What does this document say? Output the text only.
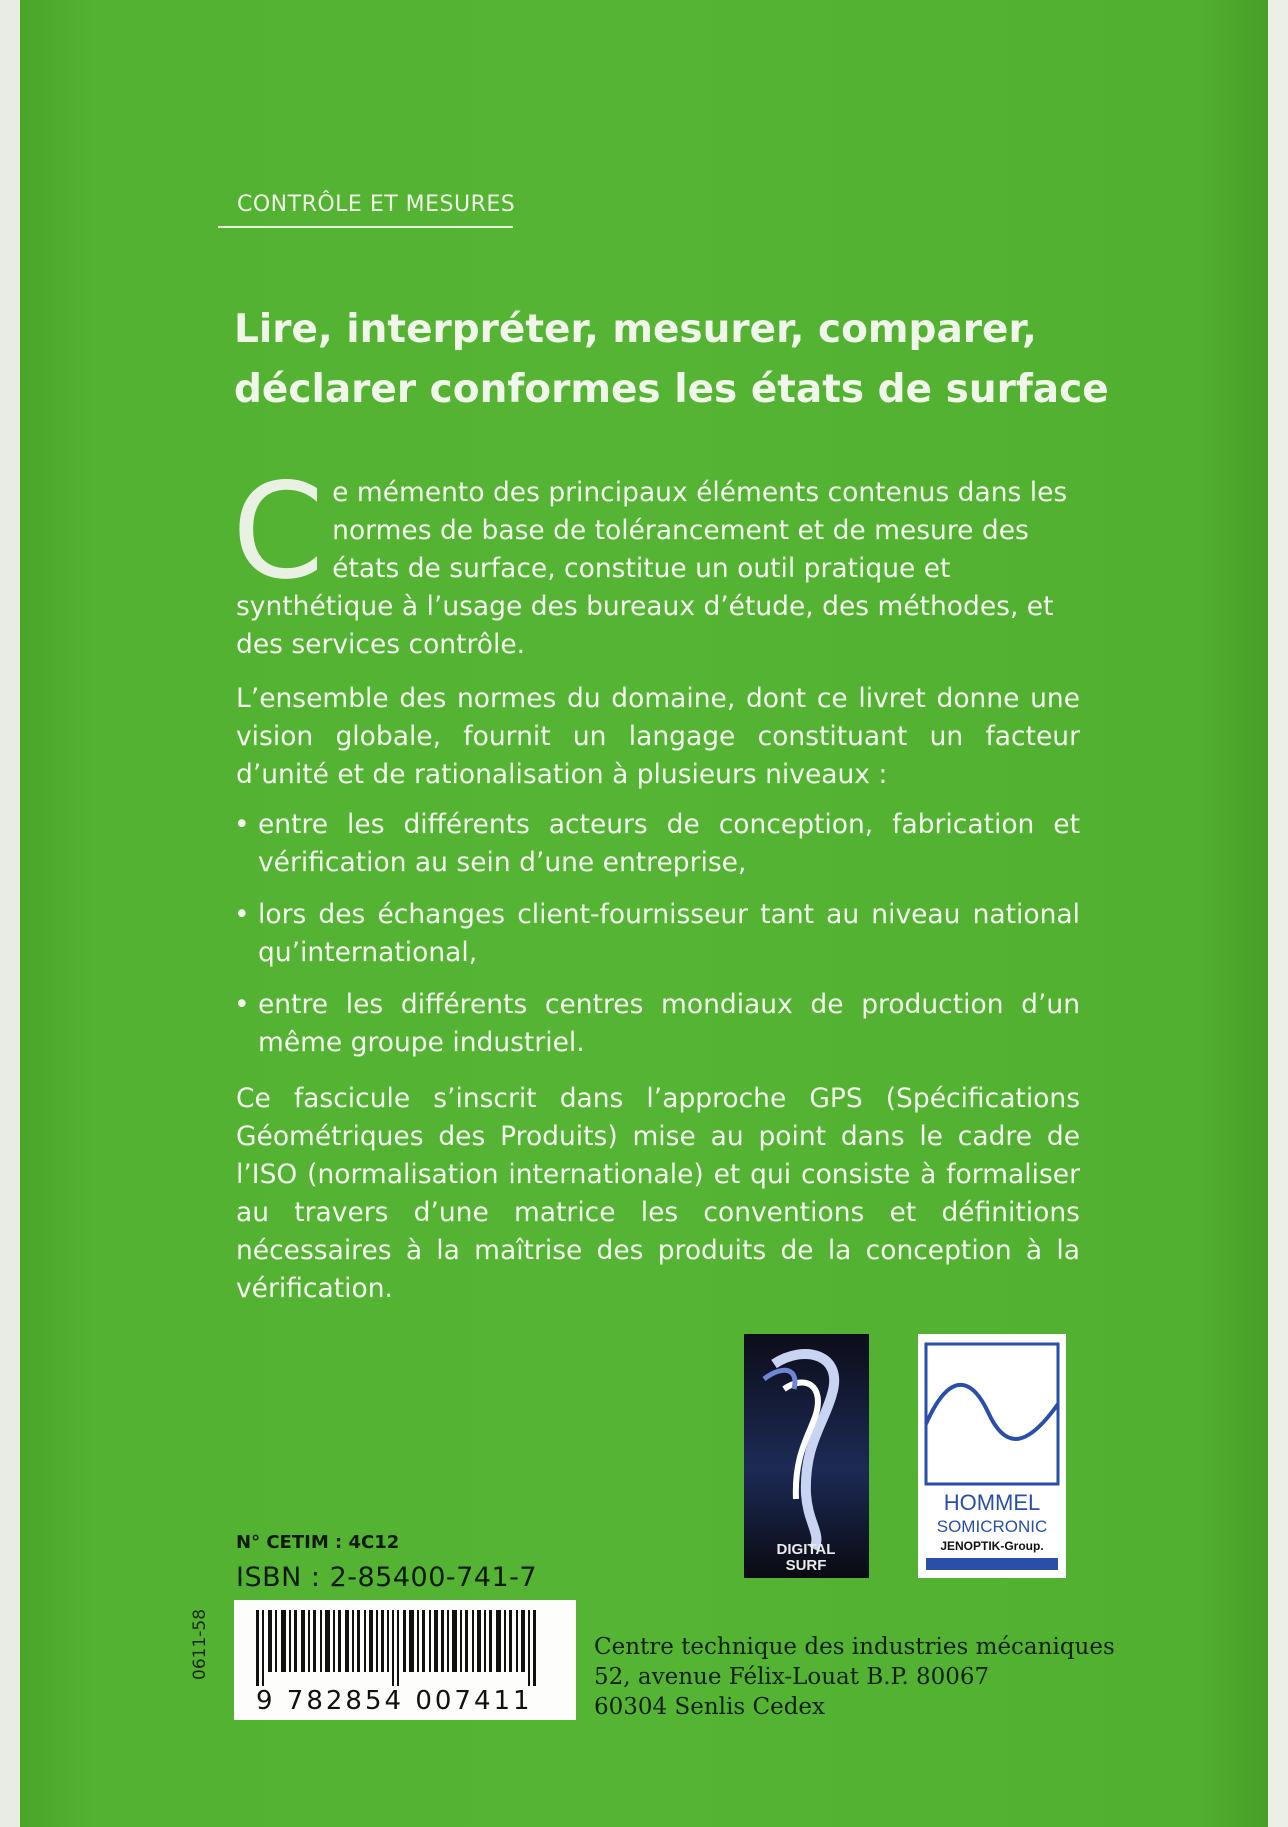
CONTRÔLE ET MESURES
Lire, interpréter, mesurer, comparer,
déclarer conformes les états de surface
C e mémento des principaux éléments contenus dans les normes de base de tolérancement et de mesure des états de surface, constitue un outil pratique et synthétique à l’usage des bureaux d’étude, des méthodes, et des services contrôle.
L’ensemble des normes du domaine, dont ce livret donne une vision globale, fournit un langage constituant un facteur d’unité et de rationalisation à plusieurs niveaux :
• entre les différents acteurs de conception, fabrication et vérification au sein d’une entreprise,
• lors des échanges client-fournisseur tant au niveau national qu’international,
• entre les différents centres mondiaux de production d’un même groupe industriel.
Ce fascicule s’inscrit dans l’approche GPS (Spécifications Géométriques des Produits) mise au point dans le cadre de l’ISO (normalisation internationale) et qui consiste à formaliser au travers d’une matrice les conventions et définitions nécessaires à la maîtrise des produits de la conception à la vérification.
DIGITAL
SURF
HOMMEL
SOMICRONIC
JENOPTIK-Group.
N° CETIM : 4C12
ISBN : 2-85400-741-7
9 782854 007411
0611-58	Centre technique des industries mécaniques
52, avenue Félix-Louat B.P. 80067
60304 Senlis Cedex
